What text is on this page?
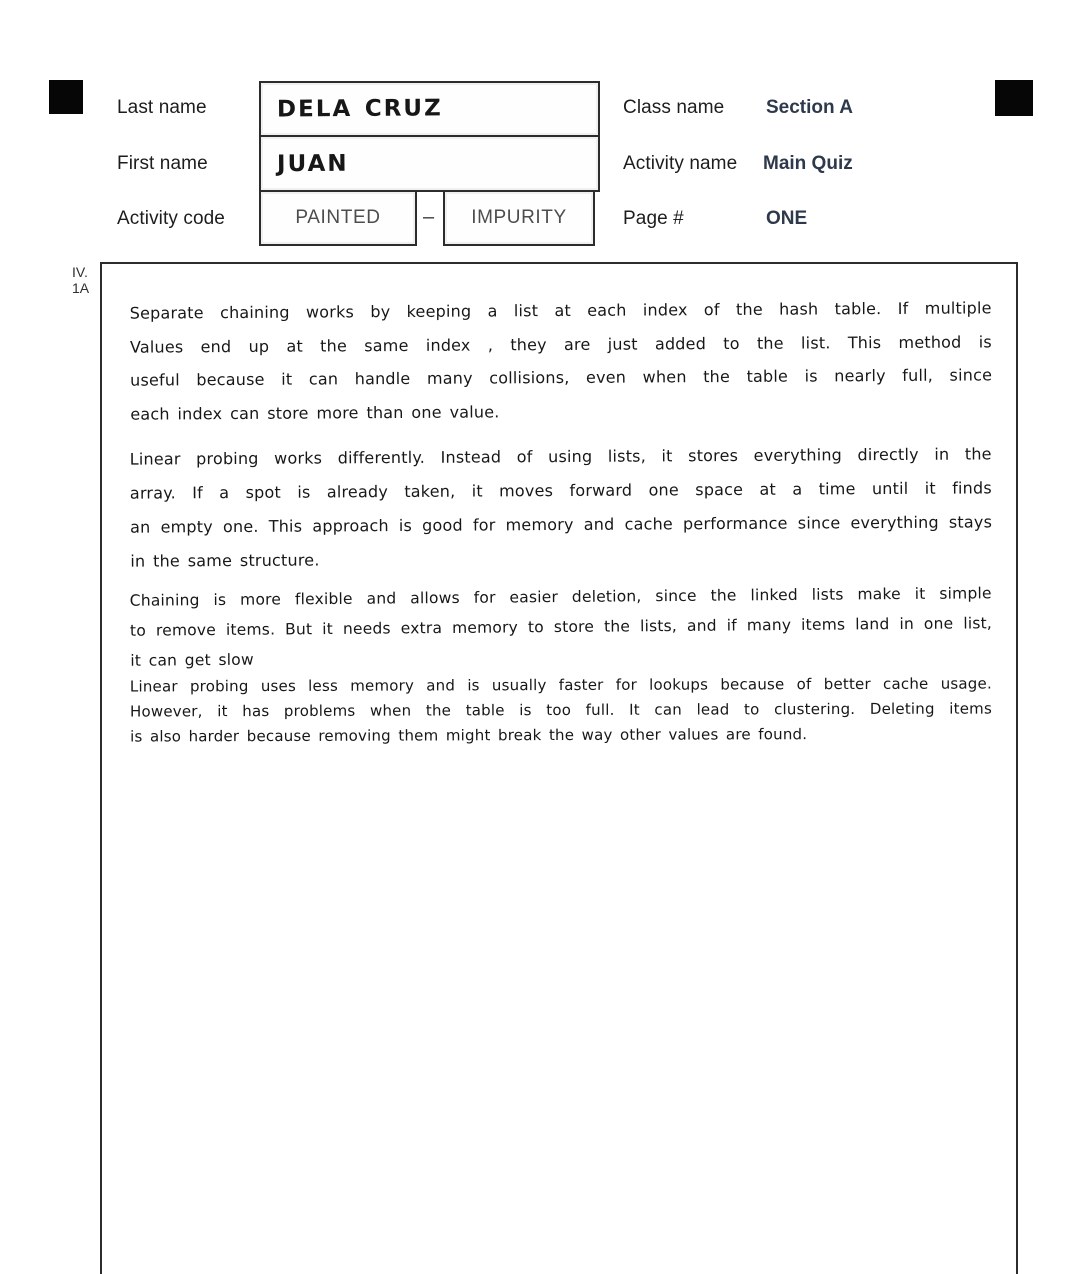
Last name
First name
Activity code
DELA CRUZ
JUAN
PAINTED – IMPURITY
Class name Section A
Activity name Main Quiz
Page #	ONE
IV.
1A
Separate chaining works by keeping a list at each index of the hash table. If multiple
Values end up at the same index , they are just added to the list. This method is
useful because it can handle many collisions, even when the table is nearly full, since
each index can store more than one value.
Linear probing works differently. Instead of using lists, it stores everything directly in the
array. If a spot is already taken, it moves forward one space at a time until it finds
an empty one. This approach is good for memory and cache performance since everything stays
in the same structure.
Chaining is more flexible and allows for easier deletion, since the linked lists make it simple
to remove items. But it needs extra memory to store the lists, and if many items land in one list,
it can get slow
Linear probing uses less memory and is usually faster for lookups because of better cache usage.
However, it has problems when the table is too full. It can lead to clustering. Deleting items
is also harder because removing them might break the way other values are found.
